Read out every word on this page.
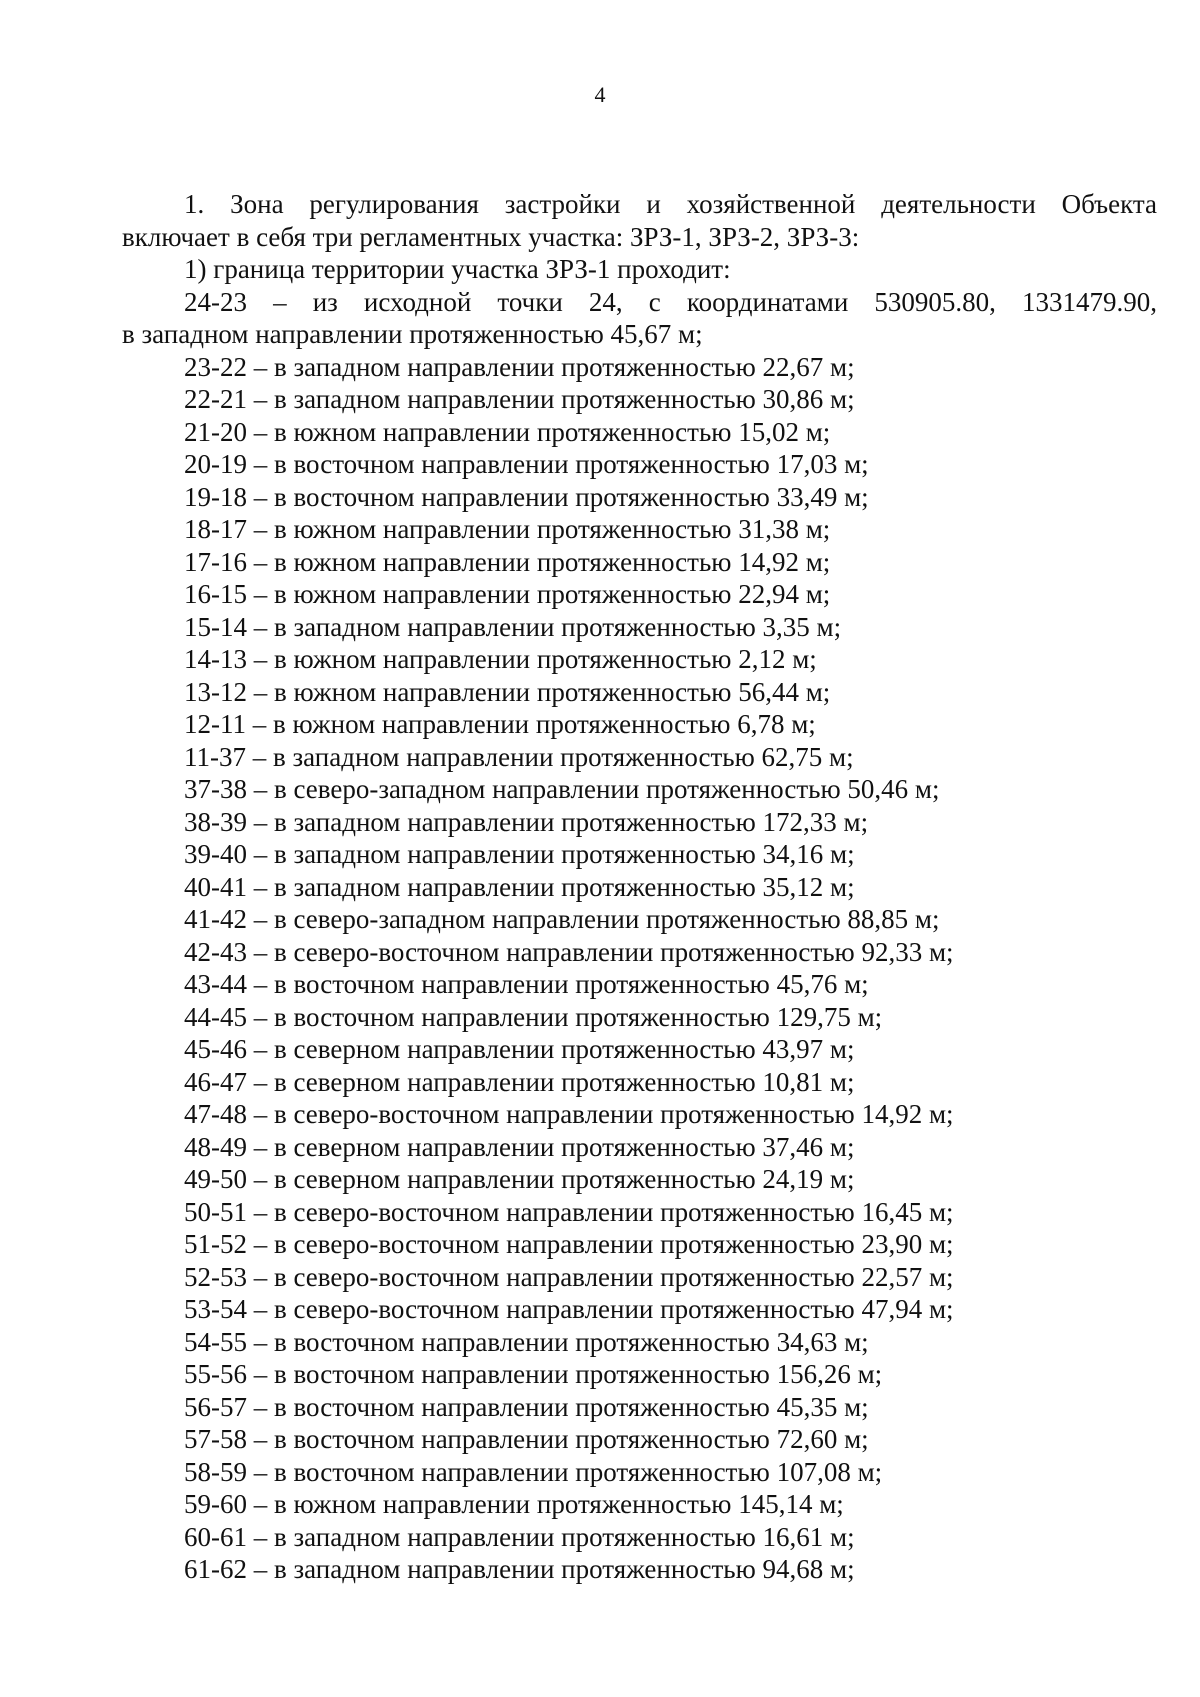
4

1. Зона регулирования застройки и хозяйственной деятельности Объекта

включает в себя три регламентных участка: ЗРЗ-1, ЗРЗ-2, ЗРЗ-3:

1) граница территории участка ЗРЗ-1 проходит:

24-23 – из исходной точки 24, с координатами 530905.80, 1331479.90,

в западном направлении протяженностью 45,67 м;

23-22 – в западном направлении протяженностью 22,67 м;
22-21 – в западном направлении протяженностью 30,86 м;
21-20 – в южном направлении протяженностью 15,02 м;
20-19 – в восточном направлении протяженностью 17,03 м;
19-18 – в восточном направлении протяженностью 33,49 м;
18-17 – в южном направлении протяженностью 31,38 м;
17-16 – в южном направлении протяженностью 14,92 м;
16-15 – в южном направлении протяженностью 22,94 м;
15-14 – в западном направлении протяженностью 3,35 м;
14-13 – в южном направлении протяженностью 2,12 м;
13-12 – в южном направлении протяженностью 56,44 м;
12-11 – в южном направлении протяженностью 6,78 м;
11-37 – в западном направлении протяженностью 62,75 м;
37-38 – в северо-западном направлении протяженностью 50,46 м;
38-39 – в западном направлении протяженностью 172,33 м;
39-40 – в западном направлении протяженностью 34,16 м;
40-41 – в западном направлении протяженностью 35,12 м;
41-42 – в северо-западном направлении протяженностью 88,85 м;
42-43 – в северо-восточном направлении протяженностью 92,33 м;
43-44 – в восточном направлении протяженностью 45,76 м;
44-45 – в восточном направлении протяженностью 129,75 м;
45-46 – в северном направлении протяженностью 43,97 м;
46-47 – в северном направлении протяженностью 10,81 м;
47-48 – в северо-восточном направлении протяженностью 14,92 м;
48-49 – в северном направлении протяженностью 37,46 м;
49-50 – в северном направлении протяженностью 24,19 м;
50-51 – в северо-восточном направлении протяженностью 16,45 м;
51-52 – в северо-восточном направлении протяженностью 23,90 м;
52-53 – в северо-восточном направлении протяженностью 22,57 м;
53-54 – в северо-восточном направлении протяженностью 47,94 м;
54-55 – в восточном направлении протяженностью 34,63 м;
55-56 – в восточном направлении протяженностью 156,26 м;
56-57 – в восточном направлении протяженностью 45,35 м;
57-58 – в восточном направлении протяженностью 72,60 м;
58-59 – в восточном направлении протяженностью 107,08 м;
59-60 – в южном направлении протяженностью 145,14 м;
60-61 – в западном направлении протяженностью 16,61 м;
61-62 – в западном направлении протяженностью 94,68 м;
